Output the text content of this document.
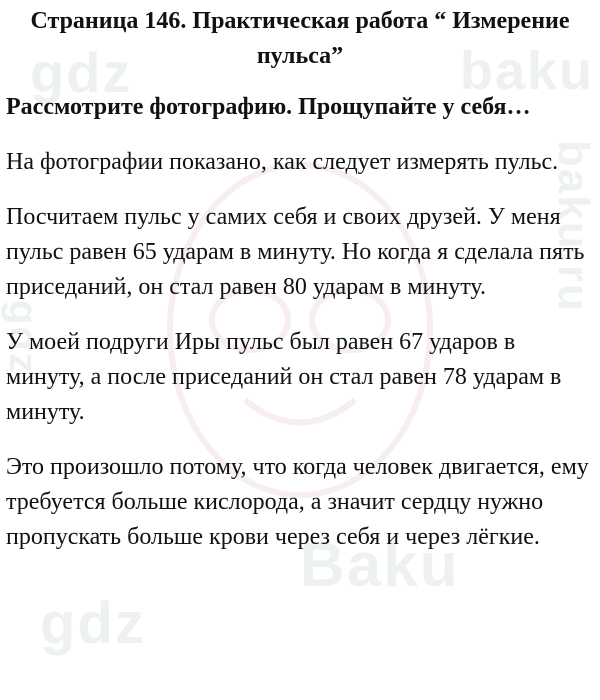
gdz	baku
Baku
gdz
baku.ru
gdz.
Страница 146. Практическая работа “ Измерение пульса”
Рассмотрите фотографию. Прощупайте у себя…

На фотографии показано, как следует измерять пульс.

Посчитаем пульс у самих себя и своих друзей. У меня пульс равен 65 ударам в минуту. Но когда я сделала пять приседаний, он стал равен 80 ударам в минуту.

У моей подруги Иры пульс был равен 67 ударов в минуту, а после приседаний он стал равен 78 ударам в минуту.

Это произошло потому, что когда человек двигается, ему требуется больше кислорода, а значит сердцу нужно пропускать больше крови через себя и через лёгкие.
